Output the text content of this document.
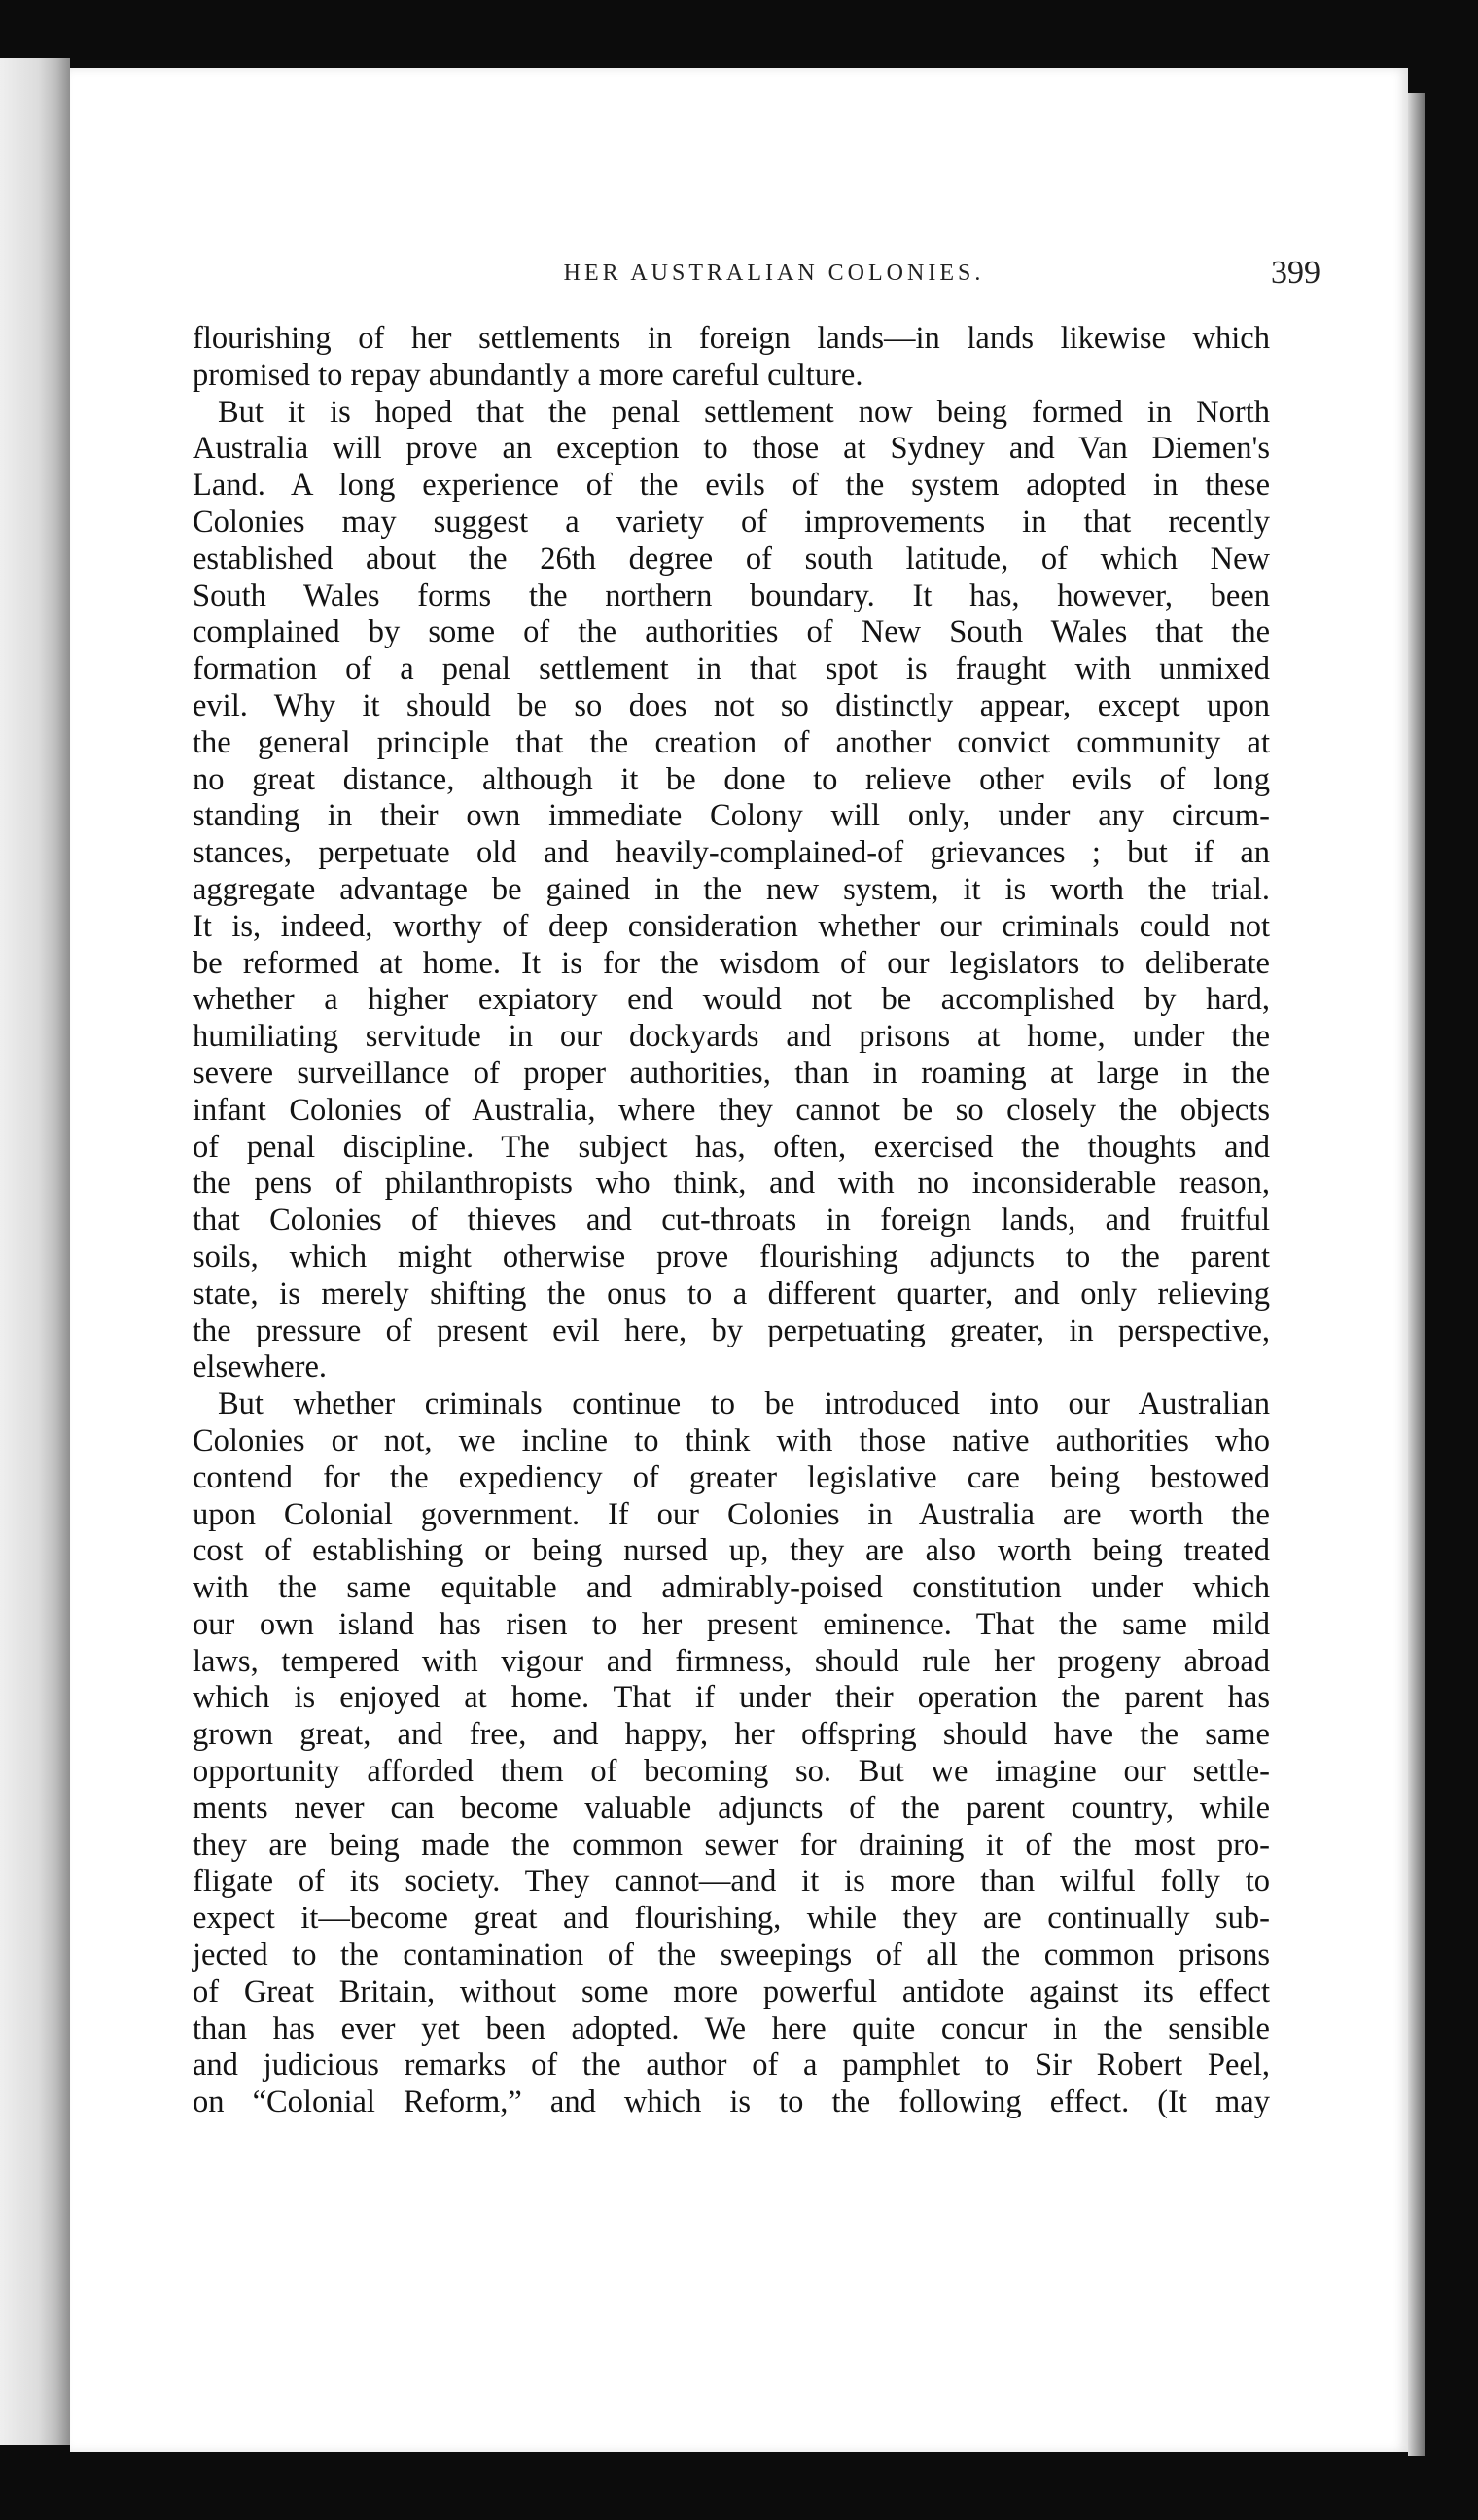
HER AUSTRALIAN COLONIES.	399
flourishing of her settlements in foreign lands—in lands likewise which
promised to repay abundantly a more careful culture.
But it is hoped that the penal settlement now being formed in North
Australia will prove an exception to those at Sydney and Van Diemen's
Land. A long experience of the evils of the system adopted in these
Colonies may suggest a variety of improvements in that recently
established about the 26th degree of south latitude, of which New
South Wales forms the northern boundary. It has, however, been
complained by some of the authorities of New South Wales that the
formation of a penal settlement in that spot is fraught with unmixed
evil. Why it should be so does not so distinctly appear, except upon
the general principle that the creation of another convict community at
no great distance, although it be done to relieve other evils of long
standing in their own immediate Colony will only, under any circum-
stances, perpetuate old and heavily-complained-of grievances ; but if an
aggregate advantage be gained in the new system, it is worth the trial.
It is, indeed, worthy of deep consideration whether our criminals could not
be reformed at home. It is for the wisdom of our legislators to deliberate
whether a higher expiatory end would not be accomplished by hard,
humiliating servitude in our dockyards and prisons at home, under the
severe surveillance of proper authorities, than in roaming at large in the
infant Colonies of Australia, where they cannot be so closely the objects
of penal discipline. The subject has, often, exercised the thoughts and
the pens of philanthropists who think, and with no inconsiderable reason,
that Colonies of thieves and cut-throats in foreign lands, and fruitful
soils, which might otherwise prove flourishing adjuncts to the parent
state, is merely shifting the onus to a different quarter, and only relieving
the pressure of present evil here, by perpetuating greater, in perspective,
elsewhere.
But whether criminals continue to be introduced into our Australian
Colonies or not, we incline to think with those native authorities who
contend for the expediency of greater legislative care being bestowed
upon Colonial government. If our Colonies in Australia are worth the
cost of establishing or being nursed up, they are also worth being treated
with the same equitable and admirably-poised constitution under which
our own island has risen to her present eminence. That the same mild
laws, tempered with vigour and firmness, should rule her progeny abroad
which is enjoyed at home. That if under their operation the parent has
grown great, and free, and happy, her offspring should have the same
opportunity afforded them of becoming so. But we imagine our settle-
ments never can become valuable adjuncts of the parent country, while
they are being made the common sewer for draining it of the most pro-
fligate of its society. They cannot—and it is more than wilful folly to
expect it—become great and flourishing, while they are continually sub-
jected to the contamination of the sweepings of all the common prisons
of Great Britain, without some more powerful antidote against its effect
than has ever yet been adopted. We here quite concur in the sensible
and judicious remarks of the author of a pamphlet to Sir Robert Peel,
on “Colonial Reform,” and which is to the following effect. (It may
